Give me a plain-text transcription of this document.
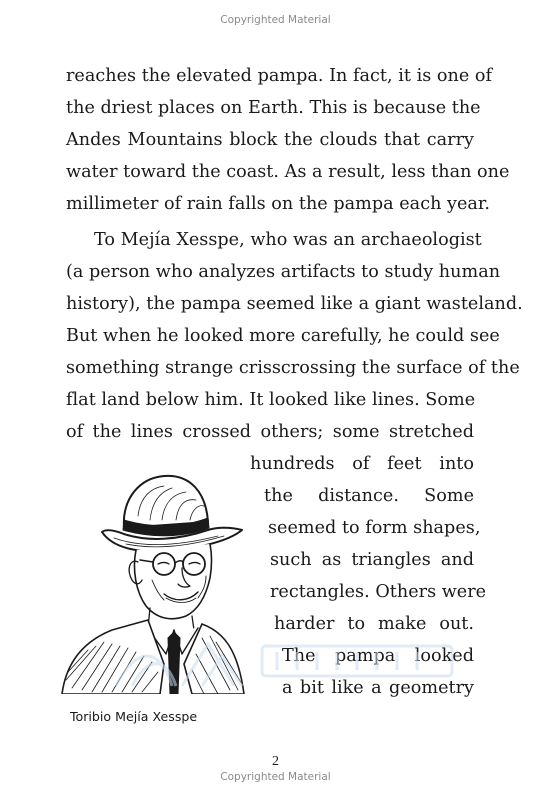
Copyrighted Material
reaches the elevated pampa. In fact, it is one of
the driest places on Earth. This is because the
Andes Mountains block the clouds that carry
water toward the coast. As a result, less than one
millimeter of rain falls on the pampa each year.
To Mejía Xesspe, who was an archaeologist
(a person who analyzes artifacts to study human
history), the pampa seemed like a giant wasteland.
But when he looked more carefully, he could see
something strange crisscrossing the surface of the
flat land below him. It looked like lines. Some
of the lines crossed others; some stretched
hundreds of feet into
the distance. Some
seemed to form shapes,
such as triangles and
rectangles. Others were
harder to make out.
The pampa looked
a bit like a geometry
Toribio Mejía Xesspe
2
Copyrighted Material
